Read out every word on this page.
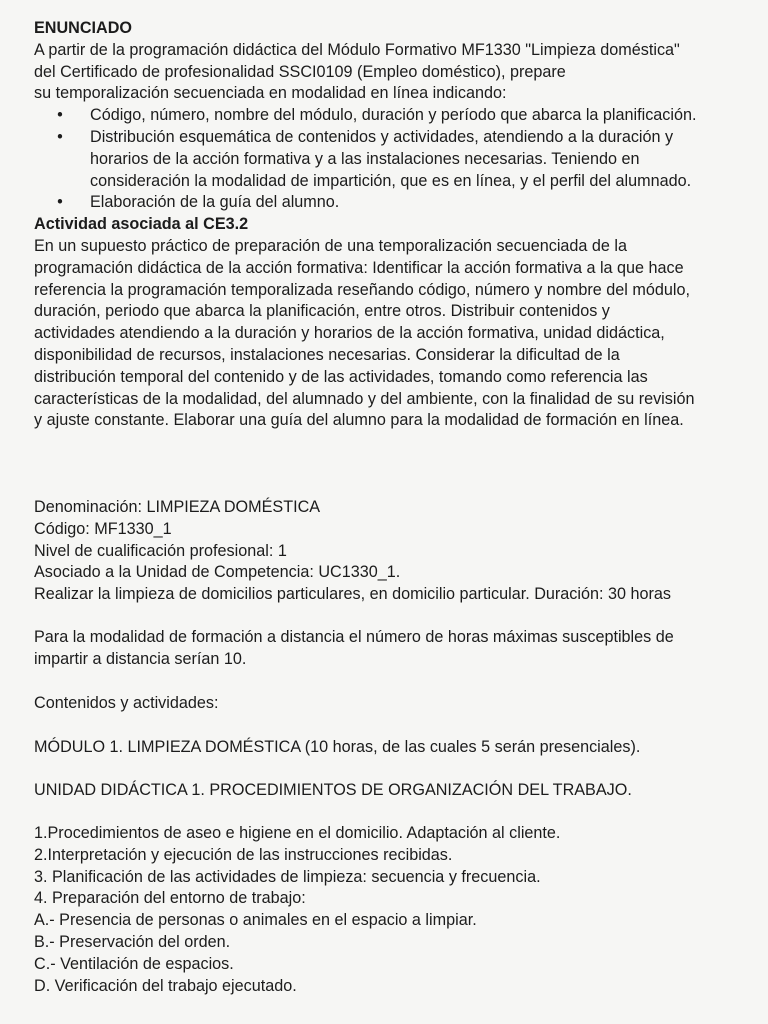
ENUNCIADO
A partir de la programación didáctica del Módulo Formativo MF1330 "Limpieza doméstica"
del Certificado de profesionalidad SSCI0109 (Empleo doméstico), prepare
su temporalización secuenciada en modalidad en línea indicando:
• Código, número, nombre del módulo, duración y período que abarca la planificación.
• Distribución esquemática de contenidos y actividades, atendiendo a la duración y
horarios de la acción formativa y a las instalaciones necesarias. Teniendo en
consideración la modalidad de impartición, que es en línea, y el perfil del alumnado.
• Elaboración de la guía del alumno.
Actividad asociada al CE3.2
En un supuesto práctico de preparación de una temporalización secuenciada de la
programación didáctica de la acción formativa: Identificar la acción formativa a la que hace
referencia la programación temporalizada reseñando código, número y nombre del módulo,
duración, periodo que abarca la planificación, entre otros. Distribuir contenidos y
actividades atendiendo a la duración y horarios de la acción formativa, unidad didáctica,
disponibilidad de recursos, instalaciones necesarias. Considerar la dificultad de la
distribución temporal del contenido y de las actividades, tomando como referencia las
características de la modalidad, del alumnado y del ambiente, con la finalidad de su revisión
y ajuste constante. Elaborar una guía del alumno para la modalidad de formación en línea.
Denominación: LIMPIEZA DOMÉSTICA
Código: MF1330_1
Nivel de cualificación profesional: 1
Asociado a la Unidad de Competencia: UC1330_1.
Realizar la limpieza de domicilios particulares, en domicilio particular. Duración: 30 horas
Para la modalidad de formación a distancia el número de horas máximas susceptibles de
impartir a distancia serían 10.
Contenidos y actividades:
MÓDULO 1. LIMPIEZA DOMÉSTICA (10 horas, de las cuales 5 serán presenciales).
UNIDAD DIDÁCTICA 1. PROCEDIMIENTOS DE ORGANIZACIÓN DEL TRABAJO.
1.Procedimientos de aseo e higiene en el domicilio. Adaptación al cliente.
2.Interpretación y ejecución de las instrucciones recibidas.
3. Planificación de las actividades de limpieza: secuencia y frecuencia.
4. Preparación del entorno de trabajo:
A.- Presencia de personas o animales en el espacio a limpiar.
B.- Preservación del orden.
C.- Ventilación de espacios.
D. Verificación del trabajo ejecutado.
